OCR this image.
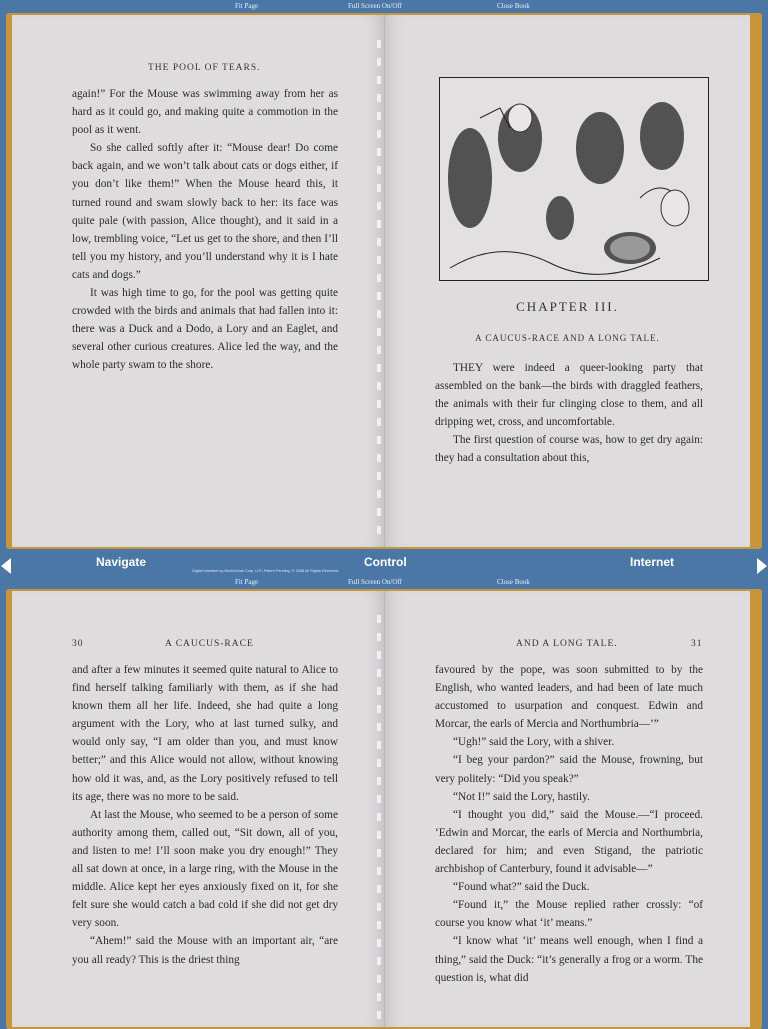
Fit Page	Full Screen On/Off	Close Book
THE POOL OF TEARS.

again!” For the Mouse was swimming away from her as hard as it could go, and making quite a commotion in the pool as it went.

So she called softly after it: “Mouse dear! Do come back again, and we won’t talk about cats or dogs either, if you don’t like them!” When the Mouse heard this, it turned round and swam slowly back to her: its face was quite pale (with passion, Alice thought), and it said in a low, trembling voice, “Let us get to the shore, and then I’ll tell you my history, and you’ll understand why it is I hate cats and dogs.”

It was high time to go, for the pool was getting quite crowded with the birds and animals that had fallen into it: there was a Duck and a Dodo, a Lory and an Eaglet, and several other curious creatures. Alice led the way, and the whole party swam to the shore.

CHAPTER III.
A CAUCUS-RACE AND A LONG TALE.

THEY were indeed a queer-looking party that assembled on the bank—the birds with draggled feathers, the animals with their fur clinging close to them, and all dripping wet, cross, and uncomfortable.

The first question of course was, how to get dry again: they had a consultation about this,

Navigate	Control	Internet
Digital Interface by BookVirtual Corp. U.S. Patent Pending. © 2008 All Rights Reserved.
Fit Page	Full Screen On/Off	Close Book
30	A CAUCUS-RACE

and after a few minutes it seemed quite natural to Alice to find herself talking familiarly with them, as if she had known them all her life. Indeed, she had quite a long argument with the Lory, who at last turned sulky, and would only say, “I am older than you, and must know better;” and this Alice would not allow, without knowing how old it was, and, as the Lory positively refused to tell its age, there was no more to be said.

At last the Mouse, who seemed to be a person of some authority among them, called out, “Sit down, all of you, and listen to me! I’ll soon make you dry enough!” They all sat down at once, in a large ring, with the Mouse in the middle. Alice kept her eyes anxiously fixed on it, for she felt sure she would catch a bad cold if she did not get dry very soon.

“Ahem!” said the Mouse with an important air, “are you all ready? This is the driest thing

AND A LONG TALE.	31

favoured by the pope, was soon submitted to by the English, who wanted leaders, and had been of late much accustomed to usurpation and conquest. Edwin and Morcar, the earls of Mercia and Northumbria—’”

“Ugh!” said the Lory, with a shiver.

“I beg your pardon?” said the Mouse, frowning, but very politely: “Did you speak?”

“Not I!” said the Lory, hastily.

“I thought you did,” said the Mouse.—“I proceed. ‘Edwin and Morcar, the earls of Mercia and Northumbria, declared for him; and even Stigand, the patriotic archbishop of Canterbury, found it advisable—”

“Found what?” said the Duck.

“Found it,” the Mouse replied rather crossly: “of course you know what ‘it’ means.”

“I know what ‘it’ means well enough, when I find a thing,” said the Duck: “it’s generally a frog or a worm. The question is, what did
